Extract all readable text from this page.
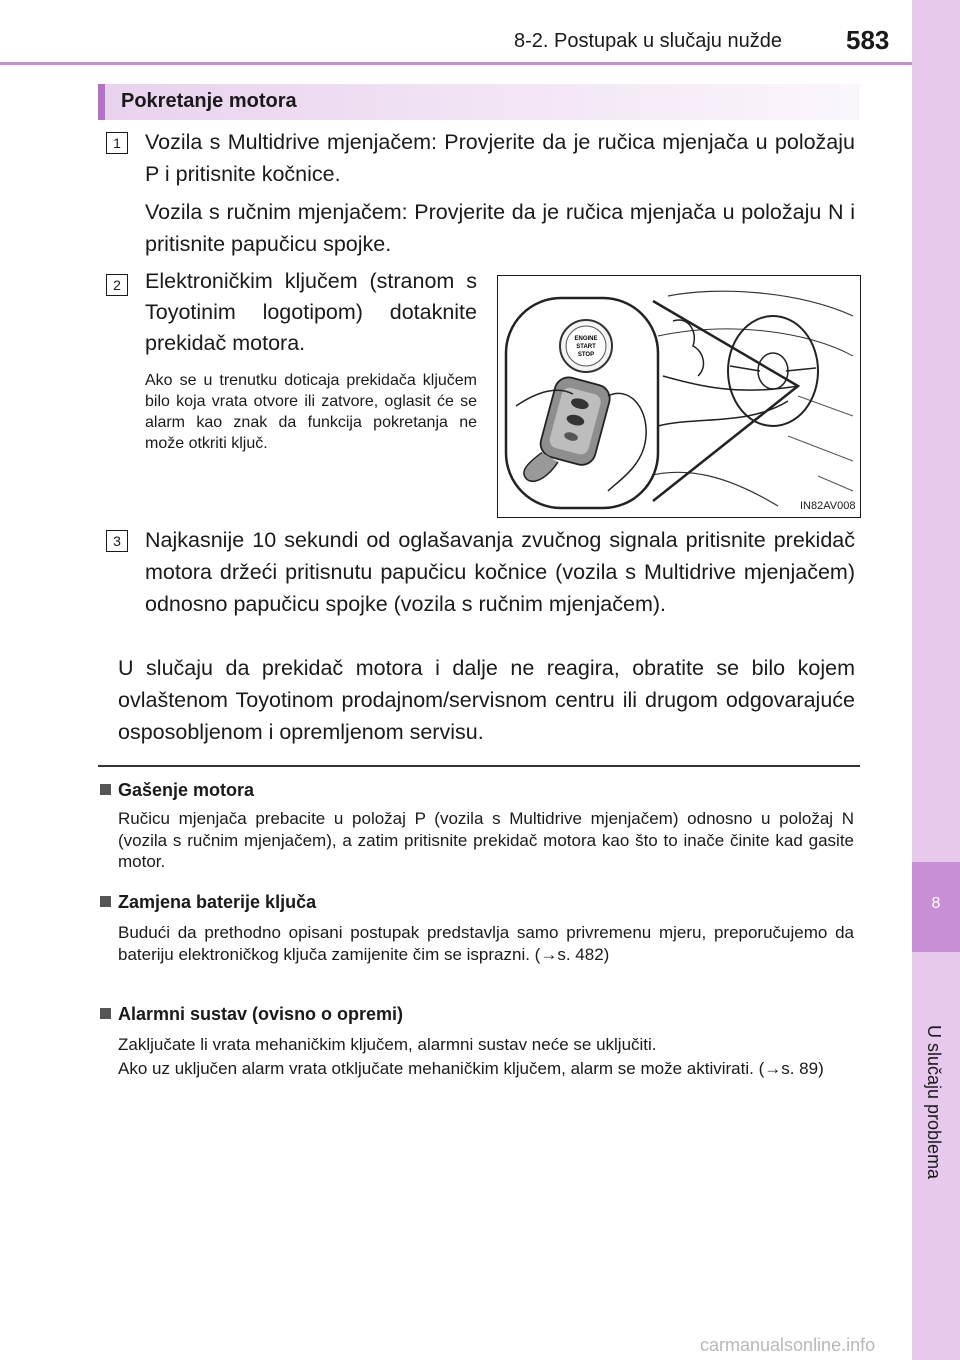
8-2. Postupak u slučaju nužde 583
8
U slučaju problema
Pokretanje motora
1	Vozila s Multidrive mjenjačem: Provjerite da je ručica mjenjača u položaju P i pritisnite kočnice.
Vozila s ručnim mjenjačem: Provjerite da je ručica mjenjača u položaju N i pritisnite papučicu spojke.
2	Elektroničkim ključem (stranom s Toyotinim logotipom) dotaknite prekidač motora.
Ako se u trenutku doticaja prekidača ključem bilo koja vrata otvore ili zatvore, oglasit će se alarm kao znak da funkcija pokretanja ne može otkriti ključ.
ENGINE
START
STOP
IN82AV008
3	Najkasnije 10 sekundi od oglašavanja zvučnog signala pritisnite prekidač motora držeći pritisnutu papučicu kočnice (vozila s Multidrive mjenjačem) odnosno papučicu spojke (vozila s ručnim mjenjačem).
U slučaju da prekidač motora i dalje ne reagira, obratite se bilo kojem ovlaštenom Toyotinom prodajnom/servisnom centru ili drugom odgovarajuće osposobljenom i opremljenom servisu.
Gašenje motora
Ručicu mjenjača prebacite u položaj P (vozila s Multidrive mjenjačem) odnosno u položaj N (vozila s ručnim mjenjačem), a zatim pritisnite prekidač motora kao što to inače činite kad gasite motor.
Zamjena baterije ključa
Budući da prethodno opisani postupak predstavlja samo privremenu mjeru, preporučujemo da bateriju elektroničkog ključa zamijenite čim se isprazni. (→s. 482)
Alarmni sustav (ovisno o opremi)
Zaključate li vrata mehaničkim ključem, alarmni sustav neće se uključiti.
Ako uz uključen alarm vrata otključate mehaničkim ključem, alarm se može aktivirati. (→s. 89)
carmanualsonline.info
